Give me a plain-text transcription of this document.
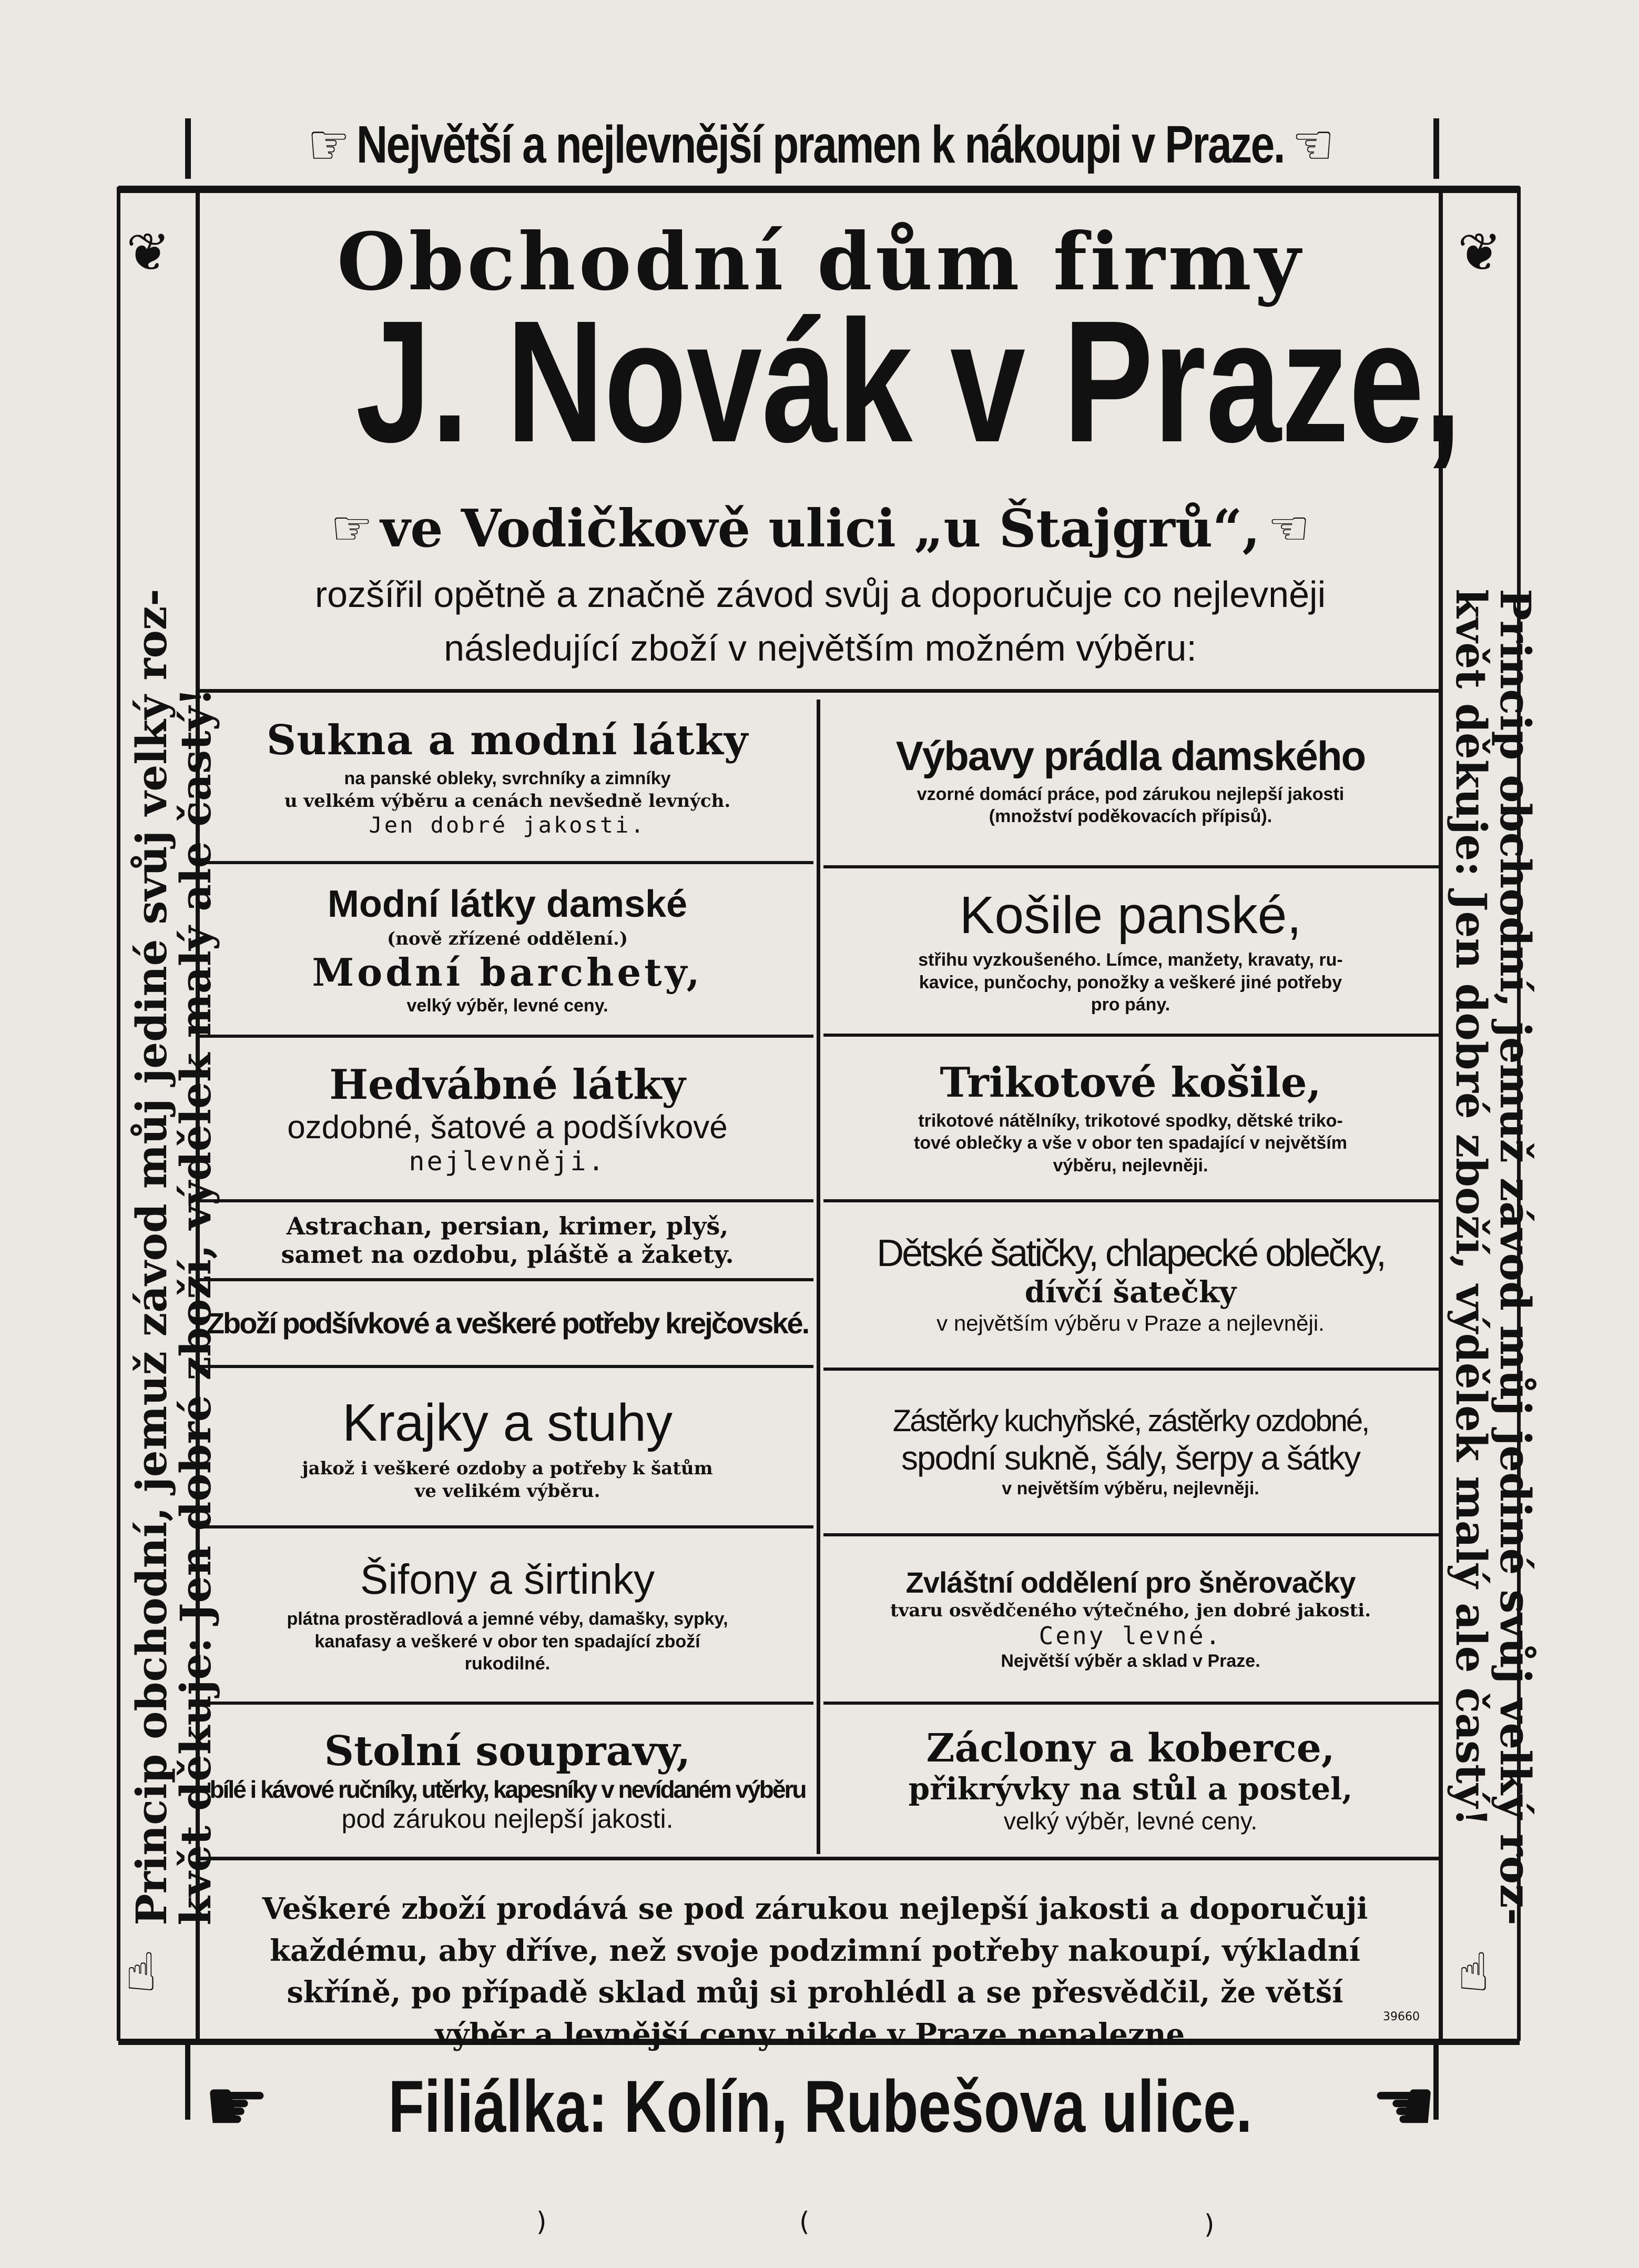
☞ Největší a nejlevnější pramen k nákoupi v Praze. ☜
Obchodní dům firmy
J. Novák v Praze,
☞ ve Vodičkově ulici „u Štajgrů“, ☜
rozšířil opětně a značně závod svůj a doporučuje co nejlevněji
následující zboží v největším možném výběru:
Sukna a modní látky
na panské obleky, svrchníky a zimníky
u velkém výběru a cenách nevšedně levných.
Jen dobré jakosti.
Modní látky damské
(nově zřízené oddělení.)
Modní barchety,
velký výběr, levné ceny.
Hedvábné látky
ozdobné, šatové a podšívkové
nejlevněji.
Astrachan, persian, krimer, plyš,
samet na ozdobu, pláště a žakety.
Zboží podšívkové a veškeré potřeby krejčovské.
Krajky a stuhy
jakož i veškeré ozdoby a potřeby k šatům
ve velikém výběru.
Šifony a širtinky
plátna prostěradlová a jemné véby, damašky, sypky,
kanafasy a veškeré v obor ten spadající zboží
rukodilné.
Stolní soupravy,
bílé i kávové ručníky, utěrky, kapesníky v nevídaném výběru
pod zárukou nejlepší jakosti.
Výbavy prádla damského
vzorné domácí práce, pod zárukou nejlepší jakosti
(množství poděkovacích přípisů).
Košile panské,
střihu vyzkoušeného. Límce, manžety, kravaty, ru-
kavice, punčochy, ponožky a veškeré jiné potřeby
pro pány.
Trikotové košile,
trikotové nátělníky, trikotové spodky, dětské triko-
tové oblečky a vše v obor ten spadající v největším
výběru, nejlevněji.
Dětské šatičky, chlapecké oblečky,
dívčí šatečky
v největším výběru v Praze a nejlevněji.
Zástěrky kuchyňské, zástěrky ozdobné,
spodní sukně, šály, šerpy a šátky
v největším výběru, nejlevněji.
Zvláštní oddělení pro šněrovačky
tvaru osvědčeného výtečného, jen dobré jakosti.
Ceny levné.
Největší výběr a sklad v Praze.
Záclony a koberce,
přikrývky na stůl a postel,
velký výběr, levné ceny.
Veškeré zboží prodává se pod zárukou nejlepší jakosti a doporučuji
každému, aby dříve, než svoje podzimní potřeby nakoupí, výkladní
skříně, po případě sklad můj si prohlédl a se přesvědčil, že větší
výběr a levnější ceny nikde v Praze nenalezne.
39660
☛ Filiálka: Kolín, Rubešova ulice. ☚
Princip obchodní, jemuž závod můj jediné svůj velký roz-
květ děkuje: Jen dobré zboží, výdělek malý ale častý!	Princip obchodní, jemuž závod můj jediné svůj velký roz-
květ děkuje: Jen dobré zboží, výdělek malý ale častý!
❦	❦
☝	☝
)	(	)
